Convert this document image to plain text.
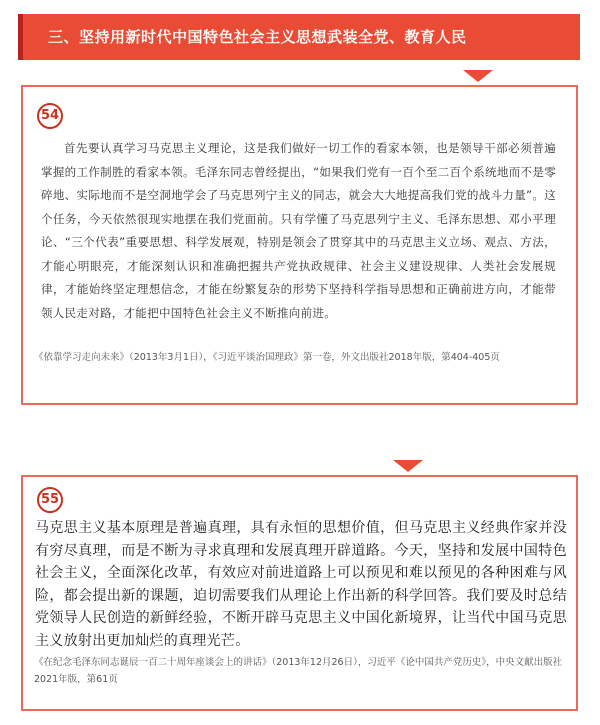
三、坚持用新时代中国特色社会主义思想武装全党、教育人民
54

首先要认真学习马克思主义理论，这是我们做好一切工作的看家本领，也是领导干部必须普遍掌握的工作制胜的看家本领。毛泽东同志曾经提出，“如果我们党有一百个至二百个系统地而不是零碎地、实际地而不是空洞地学会了马克思列宁主义的同志，就会大大地提高我们党的战斗力量”。这个任务，今天依然很现实地摆在我们党面前。只有学懂了马克思列宁主义、毛泽东思想、邓小平理论、“三个代表”重要思想、科学发展观，特别是领会了贯穿其中的马克思主义立场、观点、方法，才能心明眼亮，才能深刻认识和准确把握共产党执政规律、社会主义建设规律、人类社会发展规律，才能始终坚定理想信念，才能在纷繁复杂的形势下坚持科学指导思想和正确前进方向，才能带领人民走对路，才能把中国特色社会主义不断推向前进。

《依靠学习走向未来》（2013年3月1日），《习近平谈治国理政》第一卷，外文出版社2018年版，第404-405页

55

马克思主义基本原理是普遍真理，具有永恒的思想价值，但马克思主义经典作家并没有穷尽真理，而是不断为寻求真理和发展真理开辟道路。今天，坚持和发展中国特色社会主义，全面深化改革，有效应对前进道路上可以预见和难以预见的各种困难与风险，都会提出新的课题，迫切需要我们从理论上作出新的科学回答。我们要及时总结党领导人民创造的新鲜经验，不断开辟马克思主义中国化新境界，让当代中国马克思主义放射出更加灿烂的真理光芒。

《在纪念毛泽东同志诞辰一百二十周年座谈会上的讲话》（2013年12月26日），习近平《论中国共产党历史》，中央文献出版社2021年版，第61页
